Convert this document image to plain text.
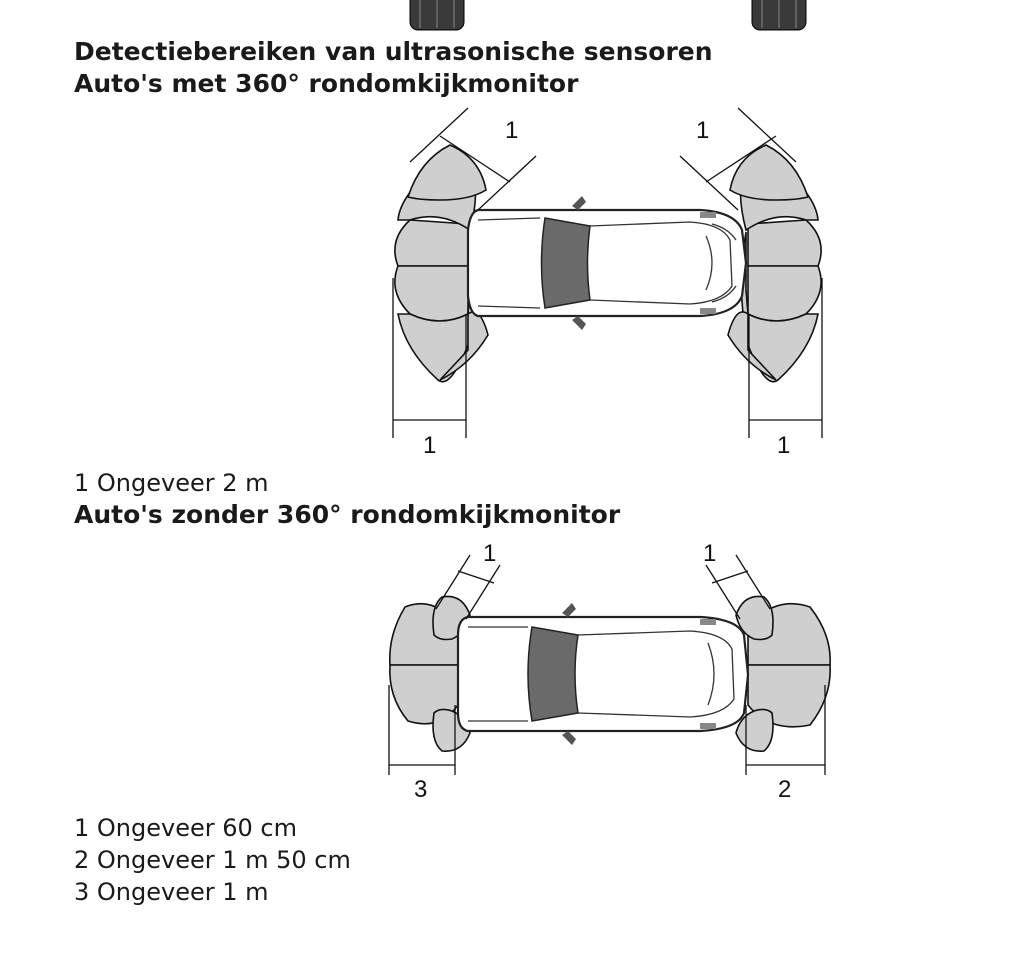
Detectiebereiken van ultrasonische sensoren
Auto's met 360° rondomkijkmonitor
1	1
1	1

1 Ongeveer 2 m

Auto's zonder 360° rondomkijkmonitor
1	1
3	2

1 Ongeveer 60 cm

2 Ongeveer 1 m 50 cm

3 Ongeveer 1 m
